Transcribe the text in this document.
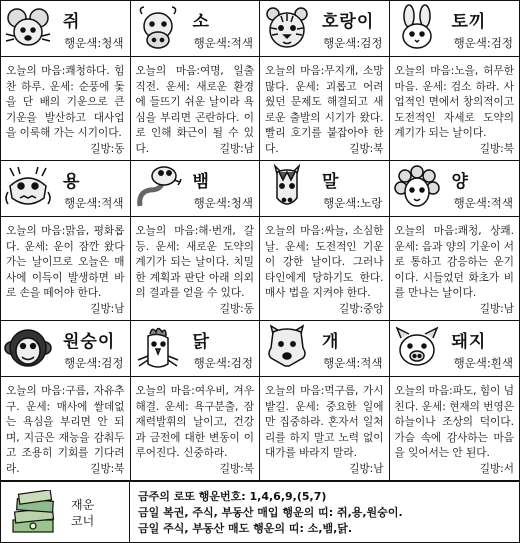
쥐
행운색:청색
오늘의 마음:쾌청하다. 힘찬 하루. 운세: 순풍에 돛을 단 배의 기운으로 큰 기운을 발산하고 대사업을 이룩해 가는 시기이다.
길방:동
소
행운색:적색
오늘의 마음:여명, 일출 직전. 운세: 새로운 환경에 들뜨기 쉬운 날이라 욕심을 부리면 곤란하다. 이로 인해 화근이 될 수 있다.	길방:남
호랑이
행운색:검정
오늘의 마음:무지개, 소망 많다. 운세: 괴롭고 어려웠던 문제도 해결되고 새로운 출발의 시기가 왔다. 빨리 호기를 붙잡아야 한다.	길방:북
토끼
행운색:검정
오늘의 마음:노을, 허무한 마음. 운세: 검소 하라. 사업적인 면에서 창의적이고 도전적인 자세로 도약의 계기가 되는 날이다.
길방:북
용
행운색:적색
오늘의 마음:맑음, 평화롭다. 운세: 운이 잠깐 왔다가는 날이므로 오늘은 매사에 이득이 발생하면 바로 손을 떼어야 한다.
길방:남
뱀
행운색:청색
오늘의 마음:해·번개, 갈등. 운세: 새로운 도약의 계기가 되는 날이다. 치밀한 계획과 판단 아래 의외의 결과를 얻을 수 있다.
길방:동
말
행운색:노랑
오늘의 마음:싸늘, 소심한 날. 운세: 도전적인 기운이 강한 날이다. 그러나 타인에게 당하기도 한다. 매사 법을 지켜야 한다.
길방:중앙
양
행운색:적색
오늘의 마음:쾌청, 상쾌. 운세: 음과 양의 기운이 서로 통하고 감응하는 운기이다. 시들었던 화초가 비를 만나는 날이다.
길방:남
원숭이
행운색:검정
오늘의 마음:구름, 자유추구. 운세: 매사에 쌀데없는 욕심을 부리면 안 되며, 지금은 재능을 감춰두고 조용히 기회를 기다려라.	길방:북
닭
행운색:검정
오늘의 마음:여우비, 겨우 해결. 운세: 욕구분출, 잠재력발휘의 날이고, 건강과 금전에 대한 변동이 이루어진다. 신중하라.
길방:북
개
행운색:적색
오늘의 마음:먹구름, 가시밭길. 운세: 중요한 일에만 집중하라. 혼자서 일처리를 하지 말고 노력 없이 대가를 바라지 말라.
길방:남
돼지
행운색:흰색
오늘의 마음:파도, 힘이 넘친다. 운세: 현재의 번영은 하늘이나 조상의 덕이다. 가슴 속에 감사하는 마음을 잊어서는 안 된다.
길방:서
재운 코너
금주의 로또 행운번호: 1,4,6,9,(5,7)
금일 복권, 주식, 부동산 매입 행운의 띠: 쥐,용,원숭이.
금일 주식, 부동산 매도 행운의 띠: 소,뱀,닭.
